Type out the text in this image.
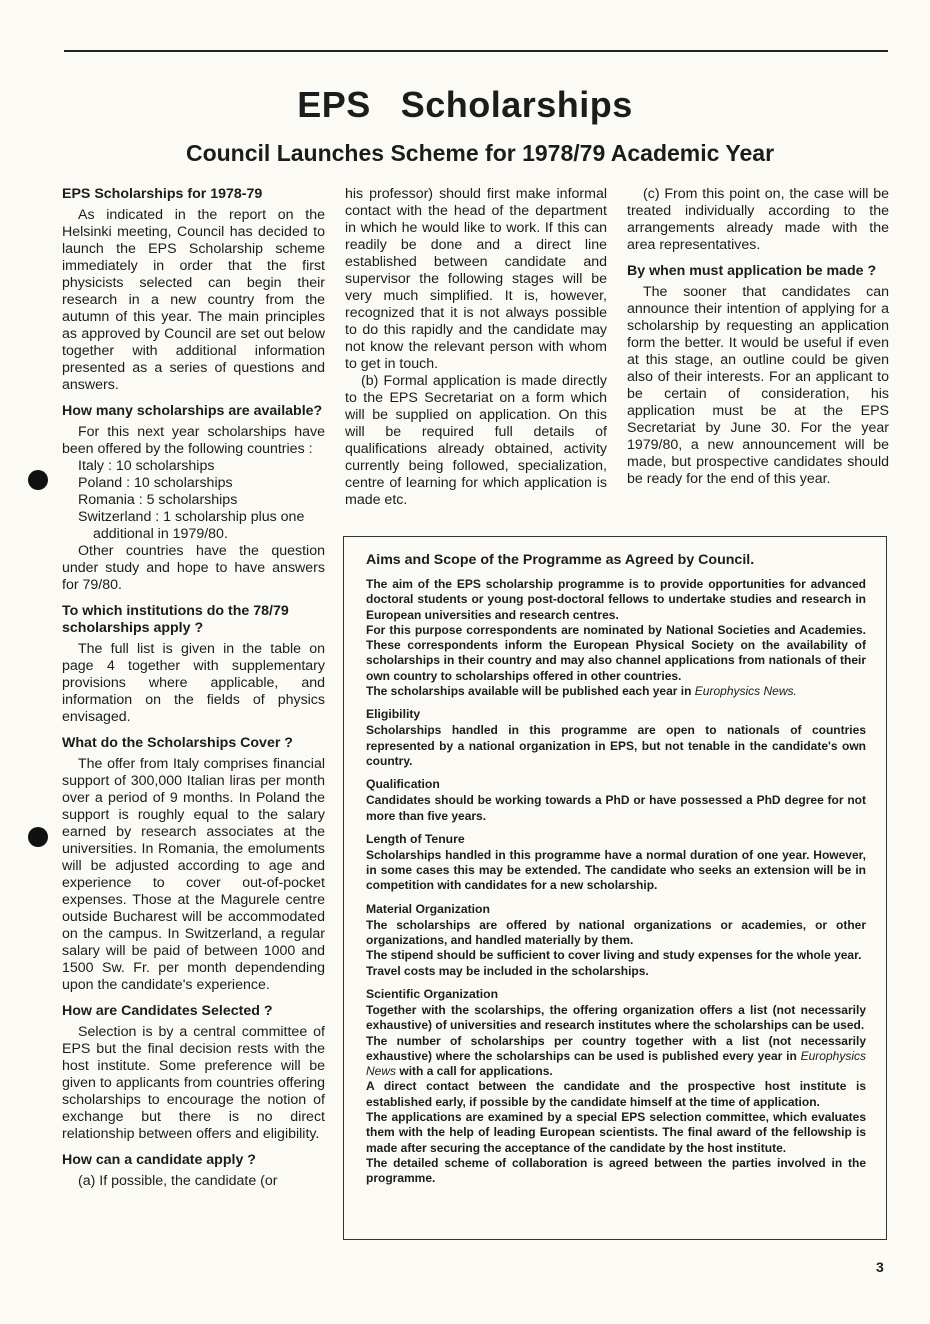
EPS Scholarships
Council Launches Scheme for 1978/79 Academic Year
EPS Scholarships for 1978-79

As indicated in the report on the Helsinki meeting, Council has decided to launch the EPS Scholarship scheme immediately in order that the first physicists selected can begin their research in a new country from the autumn of this year. The main principles as approved by Council are set out below together with additional information presented as a series of questions and answers.

How many scholarships are available?

For this next year scholarships have been offered by the following countries :

Italy : 10 scholarships
Poland : 10 scholarships
Romania : 5 scholarships
Switzerland : 1 scholarship plus one
additional in 1979/80.

Other countries have the question under study and hope to have answers for 79/80.

To which institutions do the 78/79 scholarships apply ?

The full list is given in the table on page 4 together with supplementary provisions where applicable, and information on the fields of physics envisaged.

What do the Scholarships Cover ?

The offer from Italy comprises financial support of 300,000 Italian liras per month over a period of 9 months. In Poland the support is roughly equal to the salary earned by research associates at the universities. In Romania, the emoluments will be adjusted according to age and experience to cover out-of-pocket expenses. Those at the Magurele centre outside Bucharest will be accommodated on the campus. In Switzerland, a regular salary will be paid of between 1000 and 1500 Sw. Fr. per month dependending upon the candidate's experience.

How are Candidates Selected ?

Selection is by a central committee of EPS but the final decision rests with the host institute. Some preference will be given to applicants from countries offering scholarships to encourage the notion of exchange but there is no direct relationship between offers and eligibility.

How can a candidate apply ?

(a) If possible, the candidate (or

his professor) should first make informal contact with the head of the department in which he would like to work. If this can readily be done and a direct line established between candidate and supervisor the following stages will be very much simplified. It is, however, recognized that it is not always possible to do this rapidly and the candidate may not know the relevant person with whom to get in touch.

(b) Formal application is made directly to the EPS Secretariat on a form which will be supplied on application. On this will be required full details of qualifications already obtained, activity currently being followed, specialization, centre of learning for which application is made etc.

(c) From this point on, the case will be treated individually according to the arrangements already made with the area representatives.

By when must application be made ?

The sooner that candidates can announce their intention of applying for a scholarship by requesting an application form the better. It would be useful if even at this stage, an outline could be given also of their interests. For an applicant to be certain of consideration, his application must be at the EPS Secretariat by June 30. For the year 1979/80, a new announcement will be made, but prospective candidates should be ready for the end of this year.

Aims and Scope of the Programme as Agreed by Council.

The aim of the EPS scholarship programme is to provide opportunities for advanced doctoral students or young post-doctoral fellows to undertake studies and research in European universities and research centres.

For this purpose correspondents are nominated by National Societies and Academies. These correspondents inform the European Physical Society on the availability of scholarships in their country and may also channel applications from nationals of their own country to scholarships offered in other countries.

The scholarships available will be published each year in Europhysics News.

Eligibility

Scholarships handled in this programme are open to nationals of countries represented by a national organization in EPS, but not tenable in the candidate's own country.

Qualification

Candidates should be working towards a PhD or have possessed a PhD degree for not more than five years.

Length of Tenure

Scholarships handled in this programme have a normal duration of one year. However, in some cases this may be extended. The candidate who seeks an extension will be in competition with candidates for a new scholarship.

Material Organization

The scholarships are offered by national organizations or academies, or other organizations, and handled materially by them.

The stipend should be sufficient to cover living and study expenses for the whole year.

Travel costs may be included in the scholarships.

Scientific Organization

Together with the scolarships, the offering organization offers a list (not necessarily exhaustive) of universities and research institutes where the scholarships can be used.

The number of scholarships per country together with a list (not necessarily exhaustive) where the scholarships can be used is published every year in Europhysics News with a call for applications.

A direct contact between the candidate and the prospective host institute is established early, if possible by the candidate himself at the time of application.

The applications are examined by a special EPS selection committee, which evaluates them with the help of leading European scientists. The final award of the fellowship is made after securing the acceptance of the candidate by the host institute.

The detailed scheme of collaboration is agreed between the parties involved in the programme.

3
